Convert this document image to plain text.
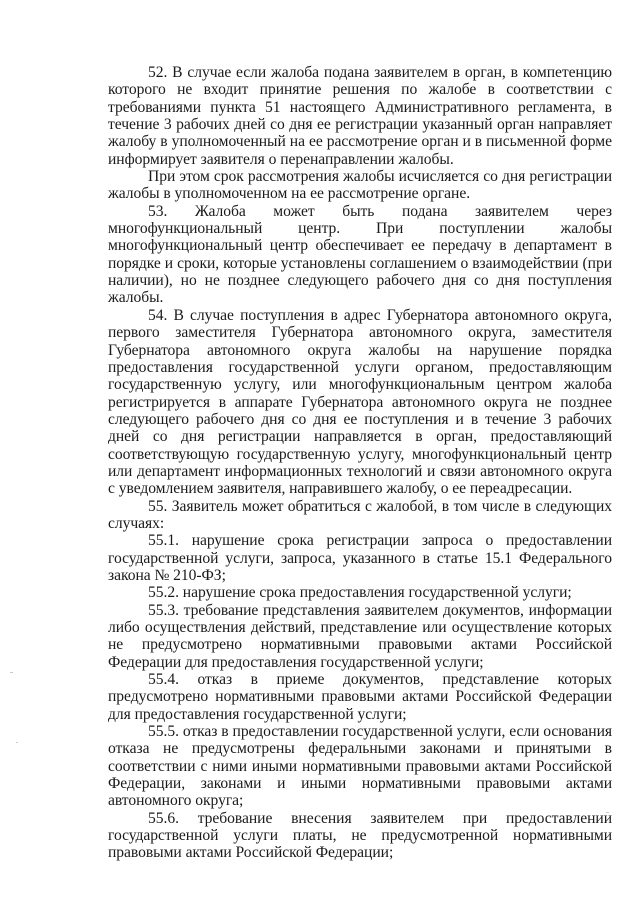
52. В случае если жалоба подана заявителем в орган, в компетенцию которого не входит принятие решения по жалобе в соответствии с требованиями пункта 51 настоящего Административного регламента, в течение 3 рабочих дней со дня ее регистрации указанный орган направляет жалобу в уполномоченный на ее рассмотрение орган и в письменной форме информирует заявителя о перенаправлении жалобы.

При этом срок рассмотрения жалобы исчисляется со дня регистрации жалобы в уполномоченном на ее рассмотрение органе.

53. Жалоба может быть подана заявителем через многофункциональный центр. При поступлении жалобы многофункциональный центр обеспечивает ее передачу в департамент в порядке и сроки, которые установлены соглашением о взаимодействии (при наличии), но не позднее следующего рабочего дня со дня поступления жалобы.

54. В случае поступления в адрес Губернатора автономного округа, первого заместителя Губернатора автономного округа, заместителя Губернатора автономного округа жалобы на нарушение порядка предоставления государственной услуги органом, предоставляющим государственную услугу, или многофункциональным центром жалоба регистрируется в аппарате Губернатора автономного округа не позднее следующего рабочего дня со дня ее поступления и в течение 3 рабочих дней со дня регистрации направляется в орган, предоставляющий соответствующую государственную услугу, многофункциональный центр или департамент информационных технологий и связи автономного округа с уведомлением заявителя, направившего жалобу, о ее переадресации.

55. Заявитель может обратиться с жалобой, в том числе в следующих случаях:

55.1. нарушение срока регистрации запроса о предоставлении государственной услуги, запроса, указанного в статье 15.1 Федерального закона № 210-ФЗ;

55.2. нарушение срока предоставления государственной услуги;

55.3. требование представления заявителем документов, информации либо осуществления действий, представление или осуществление которых не предусмотрено нормативными правовыми актами Российской Федерации для предоставления государственной услуги;

55.4. отказ в приеме документов, представление которых предусмотрено нормативными правовыми актами Российской Федерации для предоставления государственной услуги;

55.5. отказ в предоставлении государственной услуги, если основания отказа не предусмотрены федеральными законами и принятыми в соответствии с ними иными нормативными правовыми актами Российской Федерации, законами и иными нормативными правовыми актами автономного округа;

55.6. требование внесения заявителем при предоставлении государственной услуги платы, не предусмотренной нормативными правовыми актами Российской Федерации;
